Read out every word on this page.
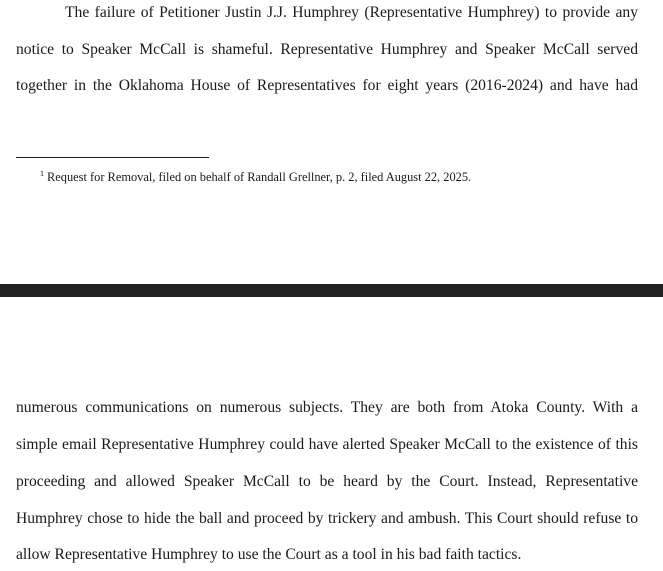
The failure of Petitioner Justin J.J. Humphrey (Representative Humphrey) to provide any
notice to Speaker McCall is shameful. Representative Humphrey and Speaker McCall served
together in the Oklahoma House of Representatives for eight years (2016-2024) and have had
$^1$ Request for Removal, filed on behalf of Randall Grellner, p. 2, filed August 22, 2025.
numerous communications on numerous subjects. They are both from Atoka County. With a
simple email Representative Humphrey could have alerted Speaker McCall to the existence of this
proceeding and allowed Speaker McCall to be heard by the Court. Instead, Representative
Humphrey chose to hide the ball and proceed by trickery and ambush. This Court should refuse to
allow Representative Humphrey to use the Court as a tool in his bad faith tactics.
